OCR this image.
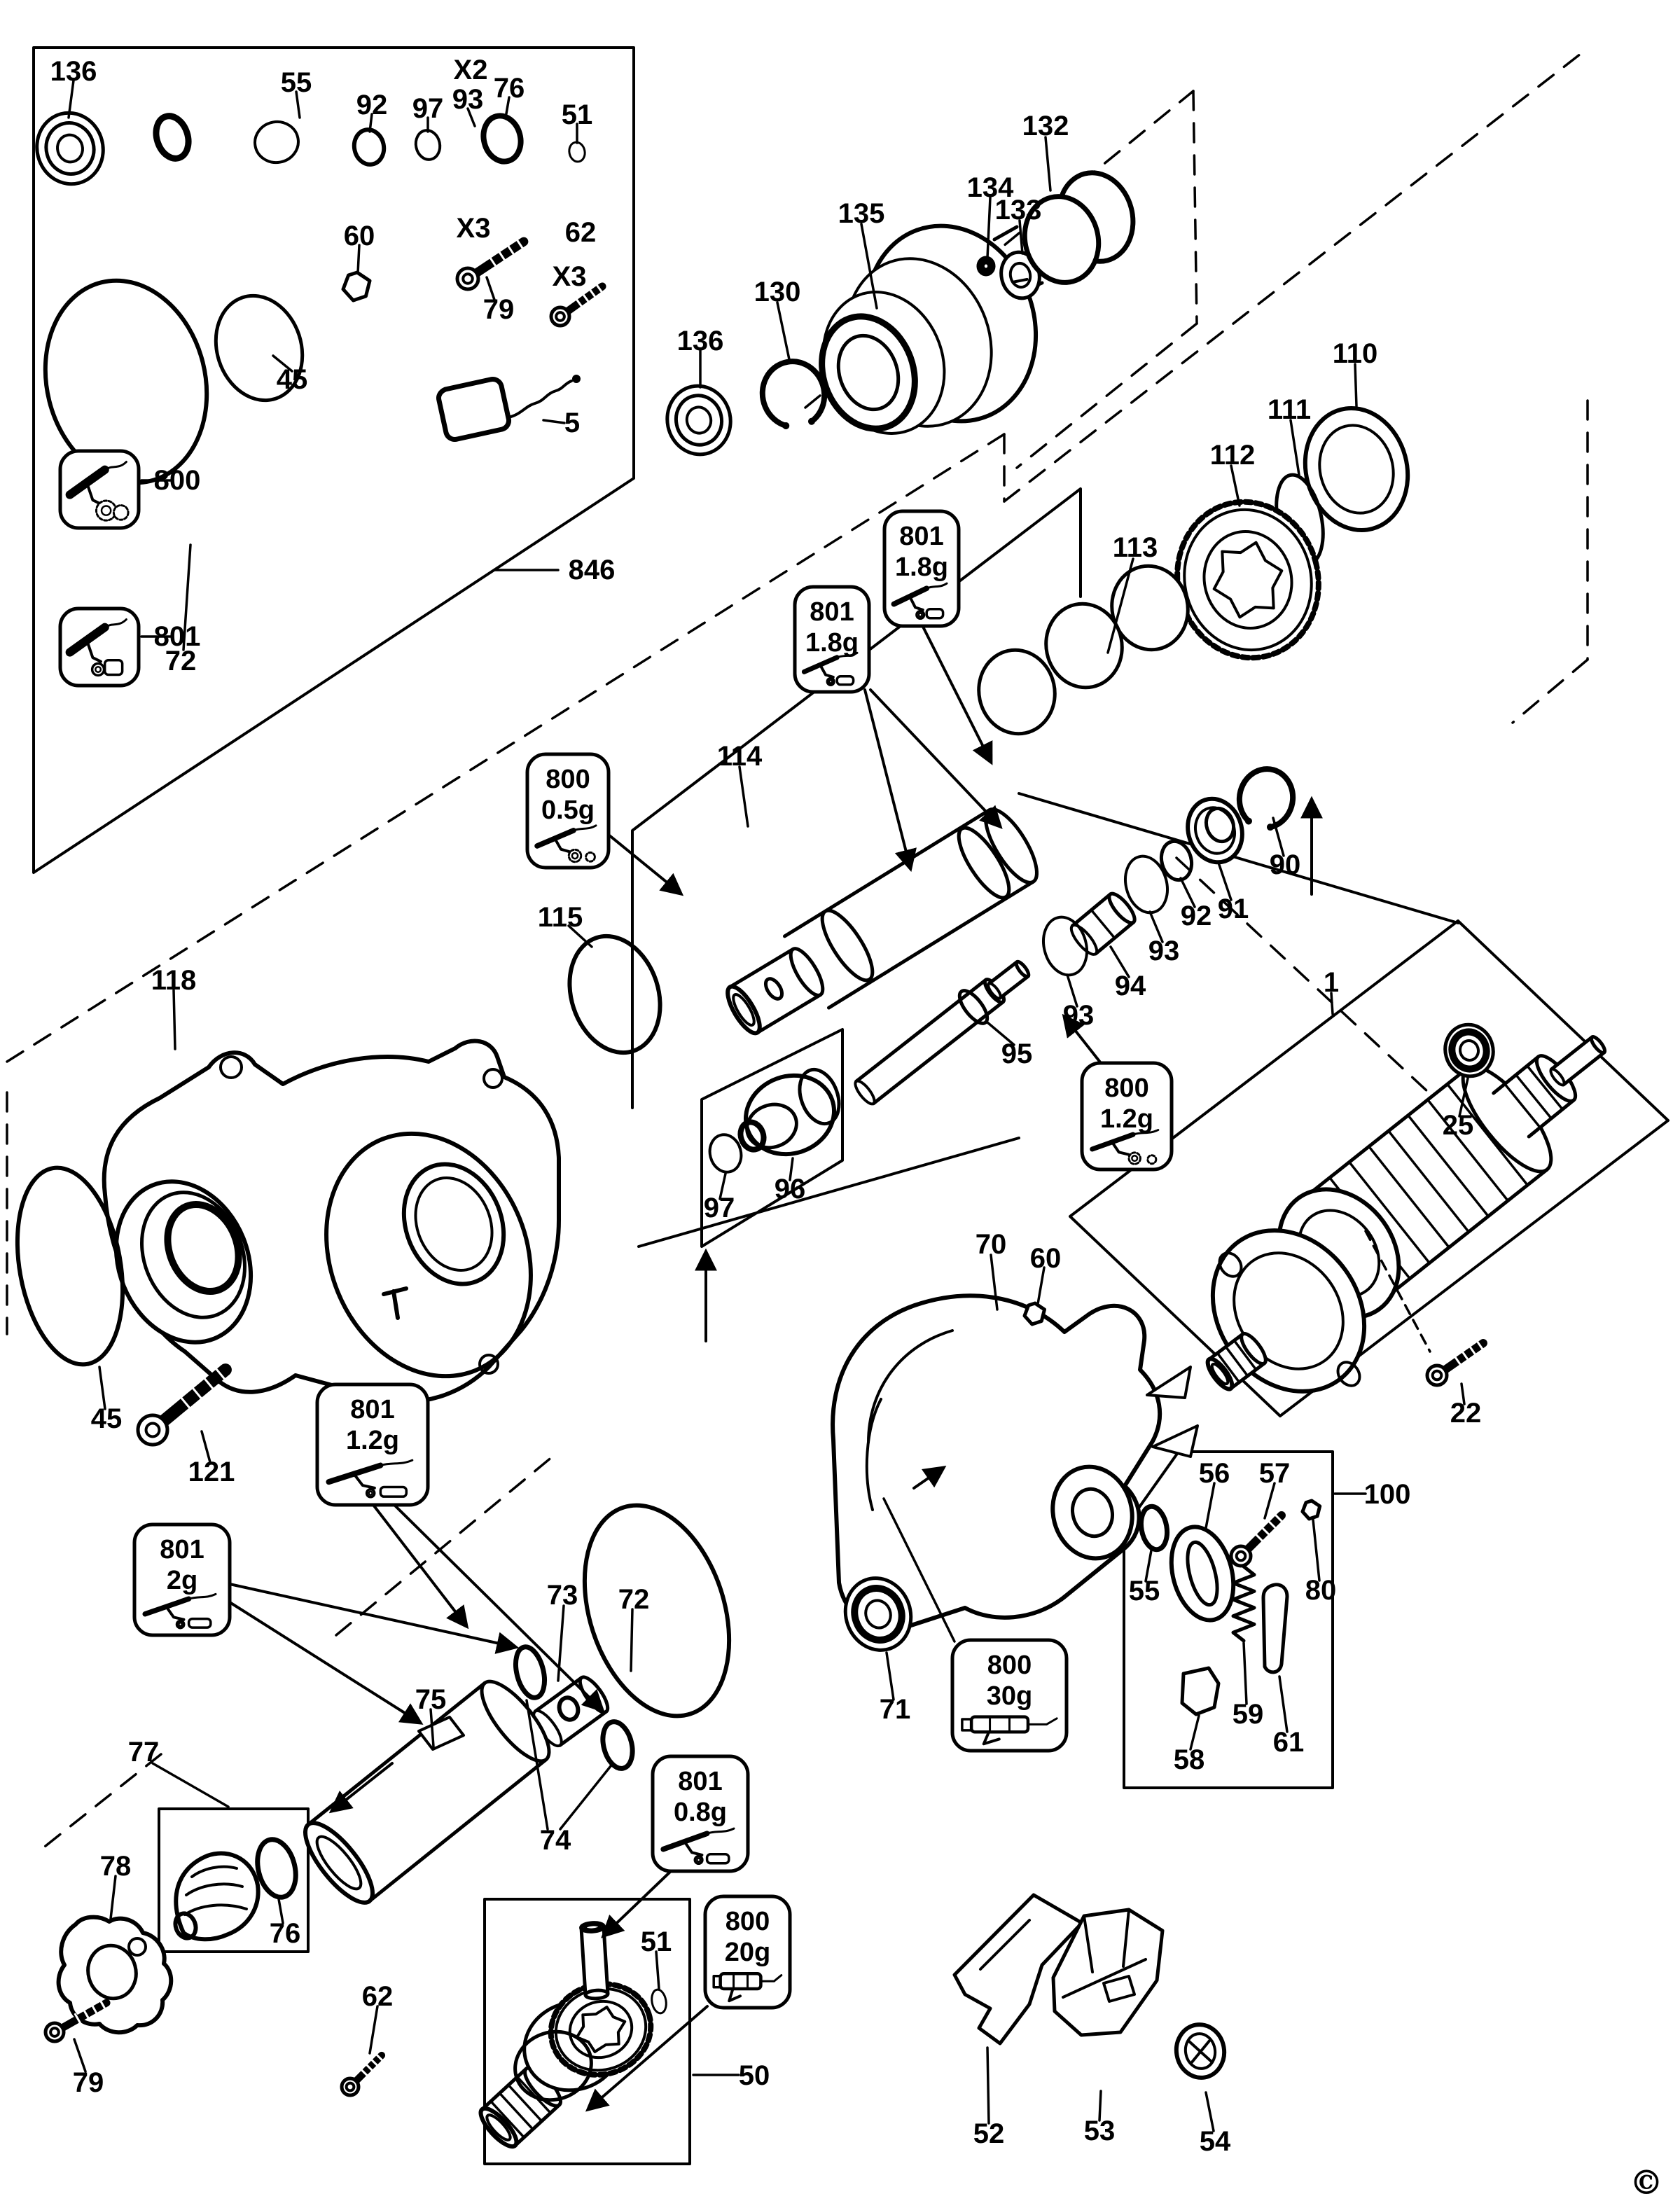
801
1.8g
801
1.8g
800
0.5g
800
1.2g
801
1.2g
801
2g
801
0.8g
800
30g
800
20g
136	55	X2
93
92 97
76
51
60	X3
79
62
X3
45
72
5
800
801
846
135
130
136
134
133
132
110
111
112
113
114
115
118
90
91
92
93
94
93
95
96
97
1
25
70 60
22
45
121
100
56 57
55	80
58
59
61
71
72
73
74
75
77
78
76
79
62
50
51
52	53	54
©
